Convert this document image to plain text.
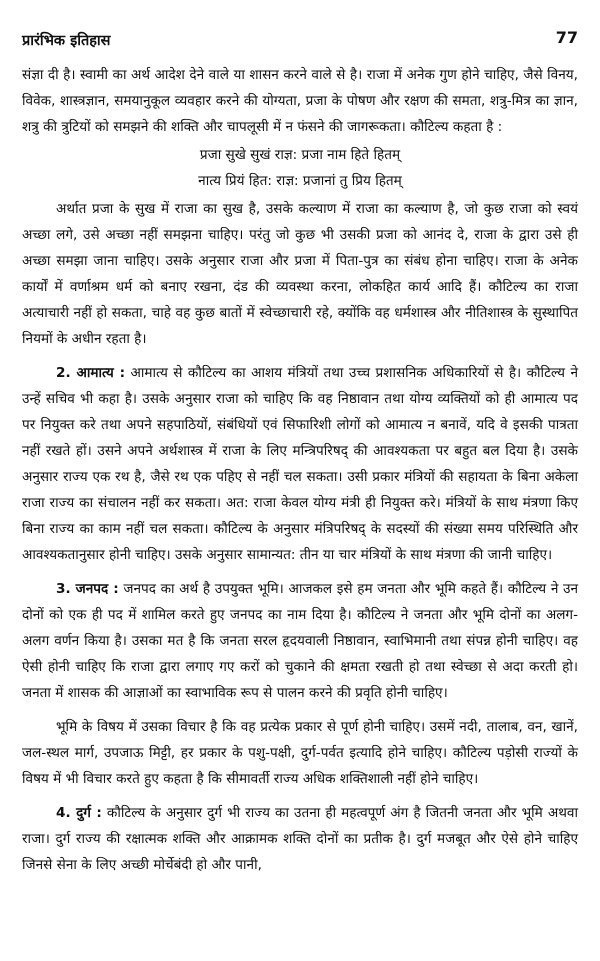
प्रारंभिक इतिहास	77

संज्ञा दी है। स्वामी का अर्थ आदेश देने वाले या शासन करने वाले से है। राजा में अनेक गुण होने चाहिए, जैसे विनय, विवेक, शास्त्रज्ञान, समयानुकूल व्यवहार करने की योग्यता, प्रजा के पोषण और रक्षण की समता, शत्रु-मित्र का ज्ञान, शत्रु की त्रुटियों को समझने की शक्ति और चापलूसी में न फंसने की जागरूकता। कौटिल्य कहता है :

प्रजा सुखे सुखं राज्ञ: प्रजा नाम हिते हितम्

नात्य प्रियं हित: राज्ञ: प्रजानां तु प्रिय हितम्

अर्थात प्रजा के सुख में राजा का सुख है, उसके कल्याण में राजा का कल्याण है, जो कुछ राजा को स्वयं अच्छा लगे, उसे अच्छा नहीं समझना चाहिए। परंतु जो कुछ भी उसकी प्रजा को आनंद दे, राजा के द्वारा उसे ही अच्छा समझा जाना चाहिए। उसके अनुसार राजा और प्रजा में पिता-पुत्र का संबंध होना चाहिए। राजा के अनेक कार्यों में वर्णाश्रम धर्म को बनाए रखना, दंड की व्यवस्था करना, लोकहित कार्य आदि हैं। कौटिल्य का राजा अत्याचारी नहीं हो सकता, चाहे वह कुछ बातों में स्वेच्छाचारी रहे, क्योंकि वह धर्मशास्त्र और नीतिशास्त्र के सुस्थापित नियमों के अधीन रहता है।

2. आमात्य : आमात्य से कौटिल्य का आशय मंत्रियों तथा उच्च प्रशासनिक अधिकारियों से है। कौटिल्य ने उन्हें सचिव भी कहा है। उसके अनुसार राजा को चाहिए कि वह निष्ठावान तथा योग्य व्यक्तियों को ही आमात्य पद पर नियुक्त करे तथा अपने सहपाठियों, संबंधियों एवं सिफारिशी लोगों को आमात्य न बनावें, यदि वे इसकी पात्रता नहीं रखते हों। उसने अपने अर्थशास्त्र में राजा के लिए मन्त्रिपरिषद् की आवश्यकता पर बहुत बल दिया है। उसके अनुसार राज्य एक रथ है, जैसे रथ एक पहिए से नहीं चल सकता। उसी प्रकार मंत्रियों की सहायता के बिना अकेला राजा राज्य का संचालन नहीं कर सकता। अत: राजा केवल योग्य मंत्री ही नियुक्त करे। मंत्रियों के साथ मंत्रणा किए बिना राज्य का काम नहीं चल सकता। कौटिल्य के अनुसार मंत्रिपरिषद् के सदस्यों की संख्या समय परिस्थिति और आवश्यकतानुसार होनी चाहिए। उसके अनुसार सामान्यत: तीन या चार मंत्रियों के साथ मंत्रणा की जानी चाहिए।

3. जनपद : जनपद का अर्थ है उपयुक्त भूमि। आजकल इसे हम जनता और भूमि कहते हैं। कौटिल्य ने उन दोनों को एक ही पद में शामिल करते हुए जनपद का नाम दिया है। कौटिल्य ने जनता और भूमि दोनों का अलग-अलग वर्णन किया है। उसका मत है कि जनता सरल हृदयवाली निष्ठावान, स्वाभिमानी तथा संपन्न होनी चाहिए। वह ऐसी होनी चाहिए कि राजा द्वारा लगाए गए करों को चुकाने की क्षमता रखती हो तथा स्वेच्छा से अदा करती हो। जनता में शासक की आज्ञाओं का स्वाभाविक रूप से पालन करने की प्रवृति होनी चाहिए।

भूमि के विषय में उसका विचार है कि वह प्रत्येक प्रकार से पूर्ण होनी चाहिए। उसमें नदी, तालाब, वन, खानें, जल-स्थल मार्ग, उपजाऊ मिट्टी, हर प्रकार के पशु-पक्षी, दुर्ग-पर्वत इत्यादि होने चाहिए। कौटिल्य पड़ोसी राज्यों के विषय में भी विचार करते हुए कहता है कि सीमावर्ती राज्य अधिक शक्तिशाली नहीं होने चाहिए।

4. दुर्ग : कौटिल्य के अनुसार दुर्ग भी राज्य का उतना ही महत्वपूर्ण अंग है जितनी जनता और भूमि अथवा राजा। दुर्ग राज्य की रक्षात्मक शक्ति और आक्रामक शक्ति दोनों का प्रतीक है। दुर्ग मजबूत और ऐसे होने चाहिए जिनसे सेना के लिए अच्छी मोर्चेबंदी हो और पानी,
